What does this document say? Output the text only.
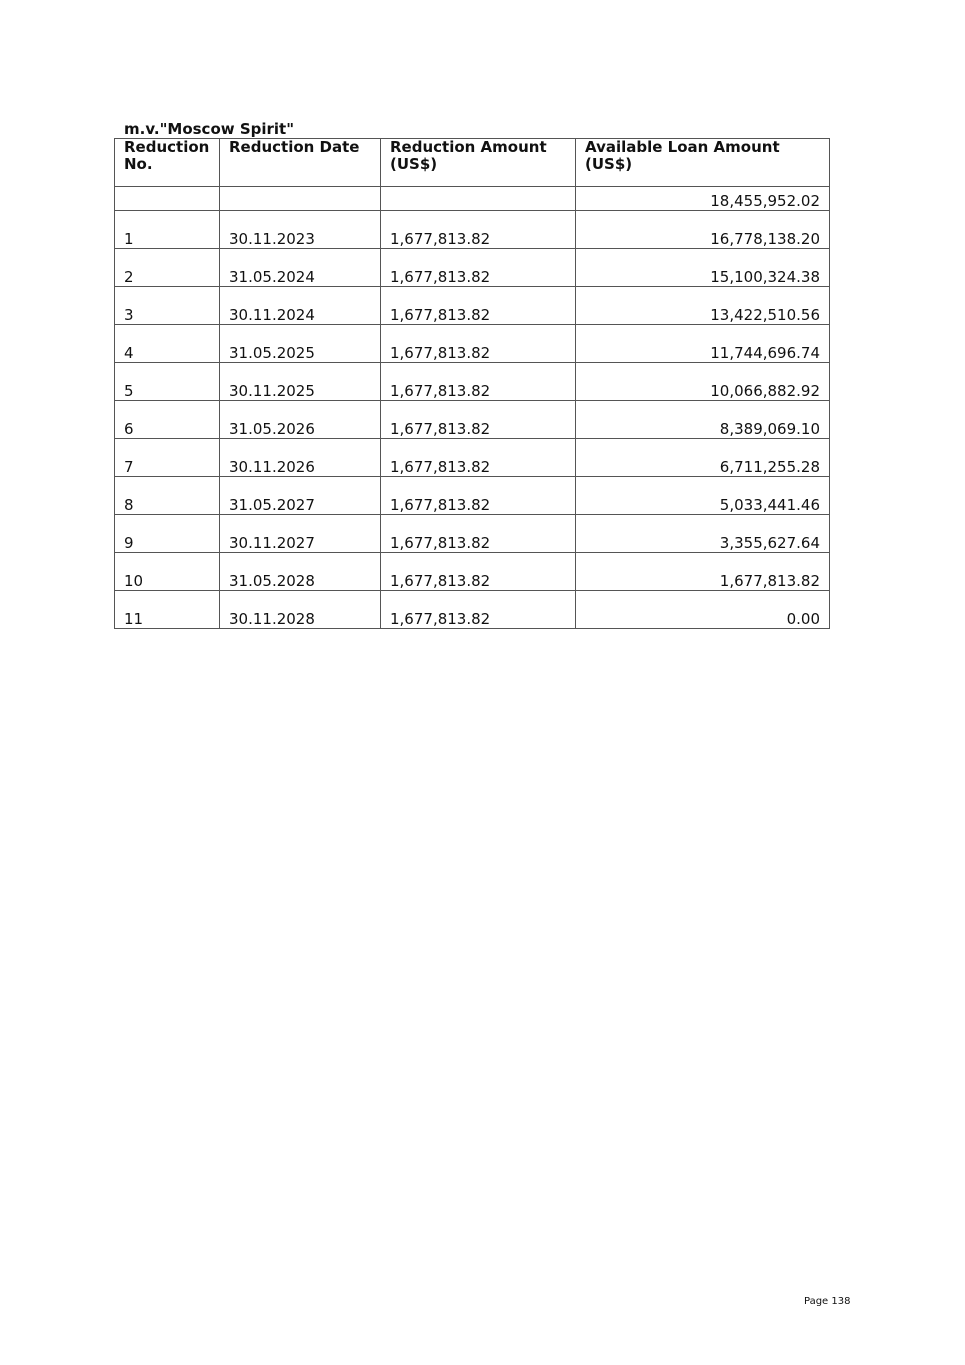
m.v."Moscow Spirit"
Reduction No.	Reduction Date	Reduction Amount (US$)	Available Loan Amount (US$)
			18,455,952.02
1	30.11.2023	1,677,813.82	16,778,138.20
2	31.05.2024	1,677,813.82	15,100,324.38
3	30.11.2024	1,677,813.82	13,422,510.56
4	31.05.2025	1,677,813.82	11,744,696.74
5	30.11.2025	1,677,813.82	10,066,882.92
6	31.05.2026	1,677,813.82	8,389,069.10
7	30.11.2026	1,677,813.82	6,711,255.28
8	31.05.2027	1,677,813.82	5,033,441.46
9	30.11.2027	1,677,813.82	3,355,627.64
10	31.05.2028	1,677,813.82	1,677,813.82
11	30.11.2028	1,677,813.82	0.00
Page 138
